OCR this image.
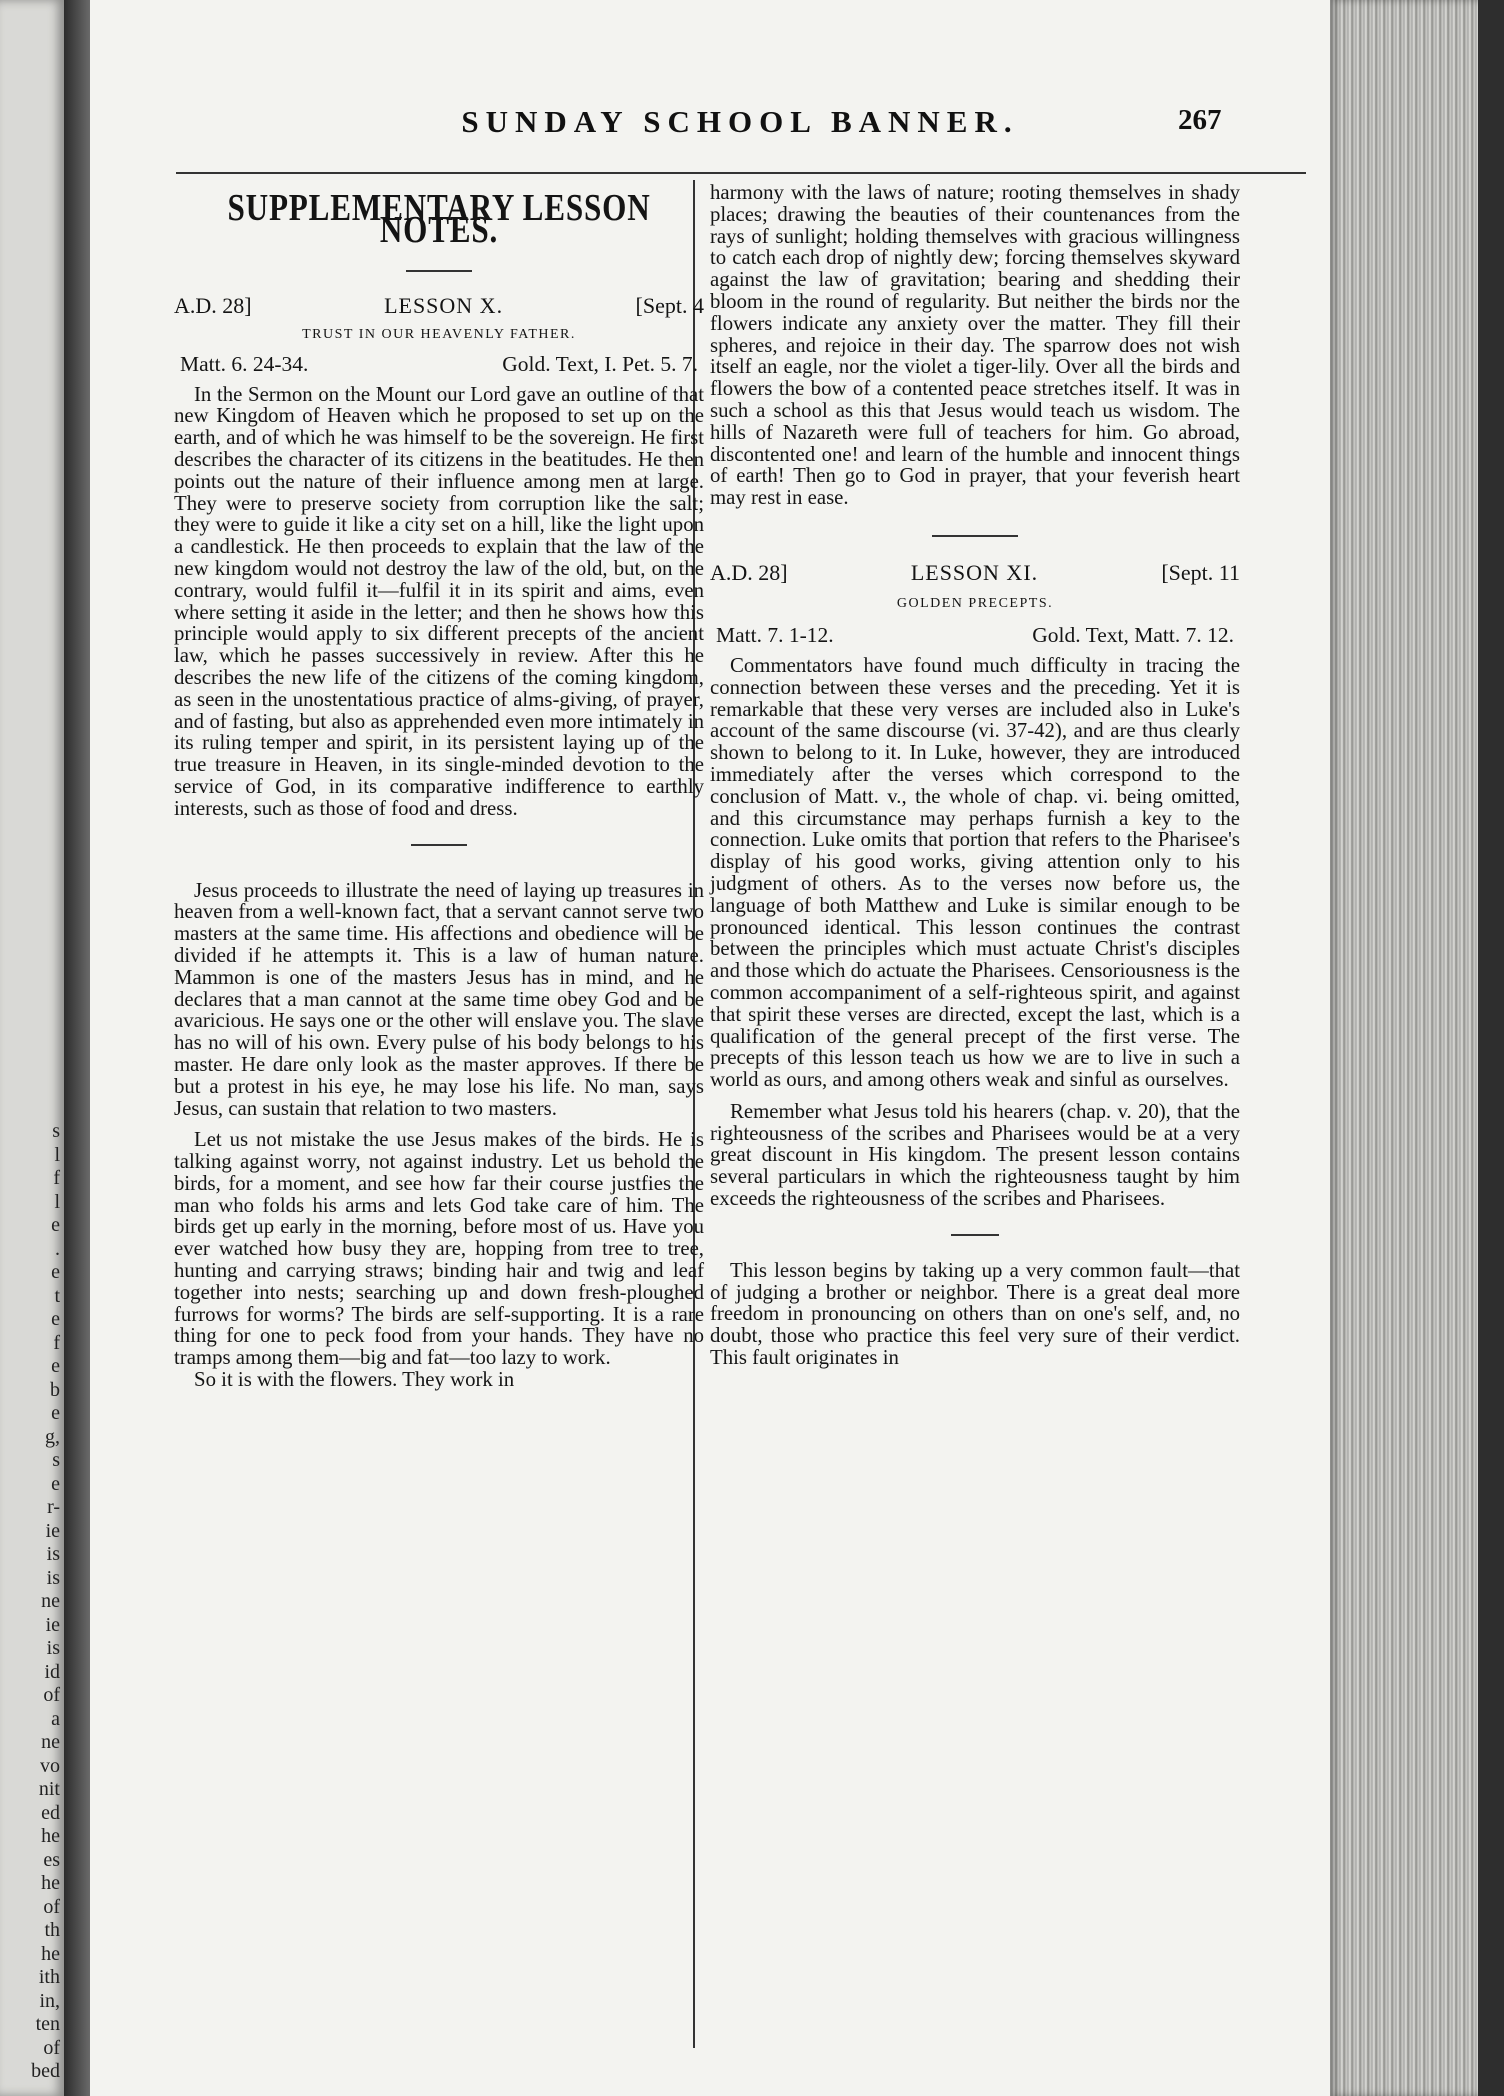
s
l
f
l
e
.
e
t
e
f
e
b
e
g,
s
e
r-
ie
is
is
ne
ie
is
id
of
a
ne
vo
nit
ed
he
es
he
of
th
he
ith
in,
ten
of
bed
SUNDAY SCHOOL BANNER.	267
SUPPLEMENTARY LESSON NOTES.
A.D. 28]	LESSON X.	[Sept. 4
TRUST IN OUR HEAVENLY FATHER.
Matt. 6. 24-34.	Gold. Text, I. Pet. 5. 7.

In the Sermon on the Mount our Lord gave an outline of that new Kingdom of Heaven which he proposed to set up on the earth, and of which he was himself to be the sovereign. He first describes the character of its citizens in the beatitudes. He then points out the nature of their influence among men at large. They were to preserve society from corruption like the salt; they were to guide it like a city set on a hill, like the light upon a candlestick. He then proceeds to explain that the law of the new kingdom would not destroy the law of the old, but, on the contrary, would fulfil it—fulfil it in its spirit and aims, even where setting it aside in the letter; and then he shows how this principle would apply to six different precepts of the ancient law, which he passes successively in review. After this he describes the new life of the citizens of the coming kingdom, as seen in the unostentatious practice of alms-giving, of prayer, and of fasting, but also as apprehended even more intimately in its ruling temper and spirit, in its persistent laying up of the true treasure in Heaven, in its single-minded devotion to the service of God, in its comparative indifference to earthly interests, such as those of food and dress.

Jesus proceeds to illustrate the need of laying up treasures in heaven from a well-known fact, that a servant cannot serve two masters at the same time. His affections and obedience will be divided if he attempts it. This is a law of human nature. Mammon is one of the masters Jesus has in mind, and he declares that a man cannot at the same time obey God and be avaricious. He says one or the other will enslave you. The slave has no will of his own. Every pulse of his body belongs to his master. He dare only look as the master approves. If there be but a protest in his eye, he may lose his life. No man, says Jesus, can sustain that relation to two masters.

Let us not mistake the use Jesus makes of the birds. He is talking against worry, not against industry. Let us behold the birds, for a moment, and see how far their course justfies the man who folds his arms and lets God take care of him. The birds get up early in the morning, before most of us. Have you ever watched how busy they are, hopping from tree to tree, hunting and carrying straws; binding hair and twig and leaf together into nests; searching up and down fresh-ploughed furrows for worms? The birds are self-supporting. It is a rare thing for one to peck food from your hands. They have no tramps among them—big and fat—too lazy to work.

So it is with the flowers. They work in

harmony with the laws of nature; rooting themselves in shady places; drawing the beauties of their countenances from the rays of sunlight; holding themselves with gracious willingness to catch each drop of nightly dew; forcing themselves skyward against the law of gravitation; bearing and shedding their bloom in the round of regularity. But neither the birds nor the flowers indicate any anxiety over the matter. They fill their spheres, and rejoice in their day. The sparrow does not wish itself an eagle, nor the violet a tiger-lily. Over all the birds and flowers the bow of a contented peace stretches itself. It was in such a school as this that Jesus would teach us wisdom. The hills of Nazareth were full of teachers for him. Go abroad, discontented one! and learn of the humble and innocent things of earth! Then go to God in prayer, that your feverish heart may rest in ease.

A.D. 28]	LESSON XI.	[Sept. 11
GOLDEN PRECEPTS.
Matt. 7. 1-12.	Gold. Text, Matt. 7. 12.

Commentators have found much difficulty in tracing the connection between these verses and the preceding. Yet it is remarkable that these very verses are included also in Luke's account of the same discourse (vi. 37-42), and are thus clearly shown to belong to it. In Luke, however, they are introduced immediately after the verses which correspond to the conclusion of Matt. v., the whole of chap. vi. being omitted, and this circumstance may perhaps furnish a key to the connection. Luke omits that portion that refers to the Pharisee's display of his good works, giving attention only to his judgment of others. As to the verses now before us, the language of both Matthew and Luke is similar enough to be pronounced identical. This lesson continues the contrast between the principles which must actuate Christ's disciples and those which do actuate the Pharisees. Censoriousness is the common accompaniment of a self-righteous spirit, and against that spirit these verses are directed, except the last, which is a qualification of the general precept of the first verse. The precepts of this lesson teach us how we are to live in such a world as ours, and among others weak and sinful as ourselves.

Remember what Jesus told his hearers (chap. v. 20), that the righteousness of the scribes and Pharisees would be at a very great discount in His kingdom. The present lesson contains several particulars in which the righteousness taught by him exceeds the righteousness of the scribes and Pharisees.

This lesson begins by taking up a very common fault—that of judging a brother or neighbor. There is a great deal more freedom in pronouncing on others than on one's self, and, no doubt, those who practice this feel very sure of their verdict. This fault originates in
